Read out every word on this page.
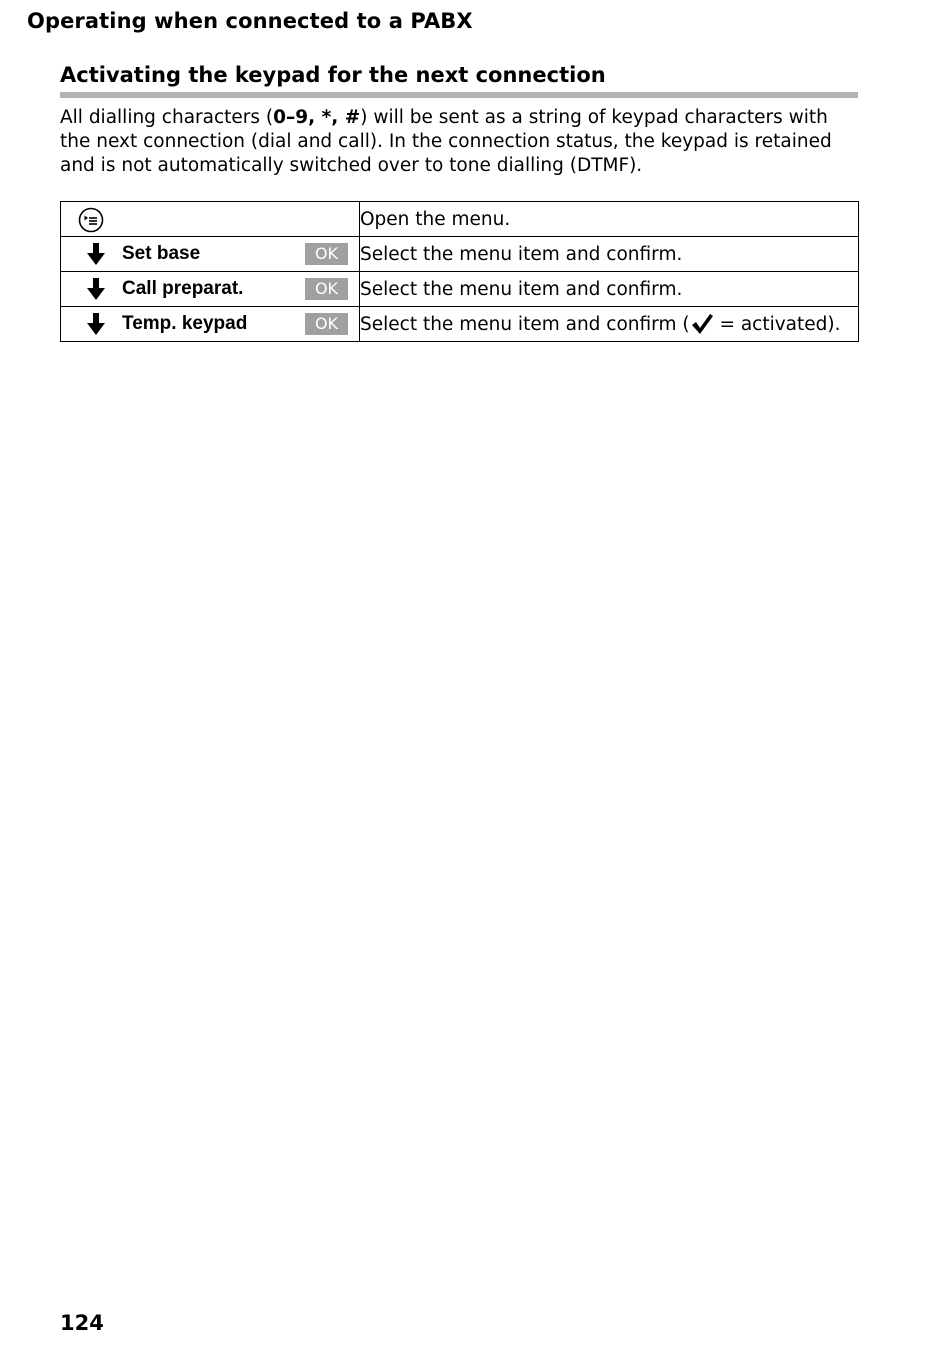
Operating when connected to a PABX
Activating the keypad for the next connection

All dialling characters (0–9, *, #) will be sent as a string of keypad characters with the next connection (dial and call). In the connection status, the keypad is retained and is not automatically switched over to tone dialling (DTMF).

	Open the menu.

Set base OK	Select the menu item and confirm.

Call preparat. OK	Select the menu item and confirm.

Temp. keypad OK	Select the menu item and confirm ( = activated).
124
